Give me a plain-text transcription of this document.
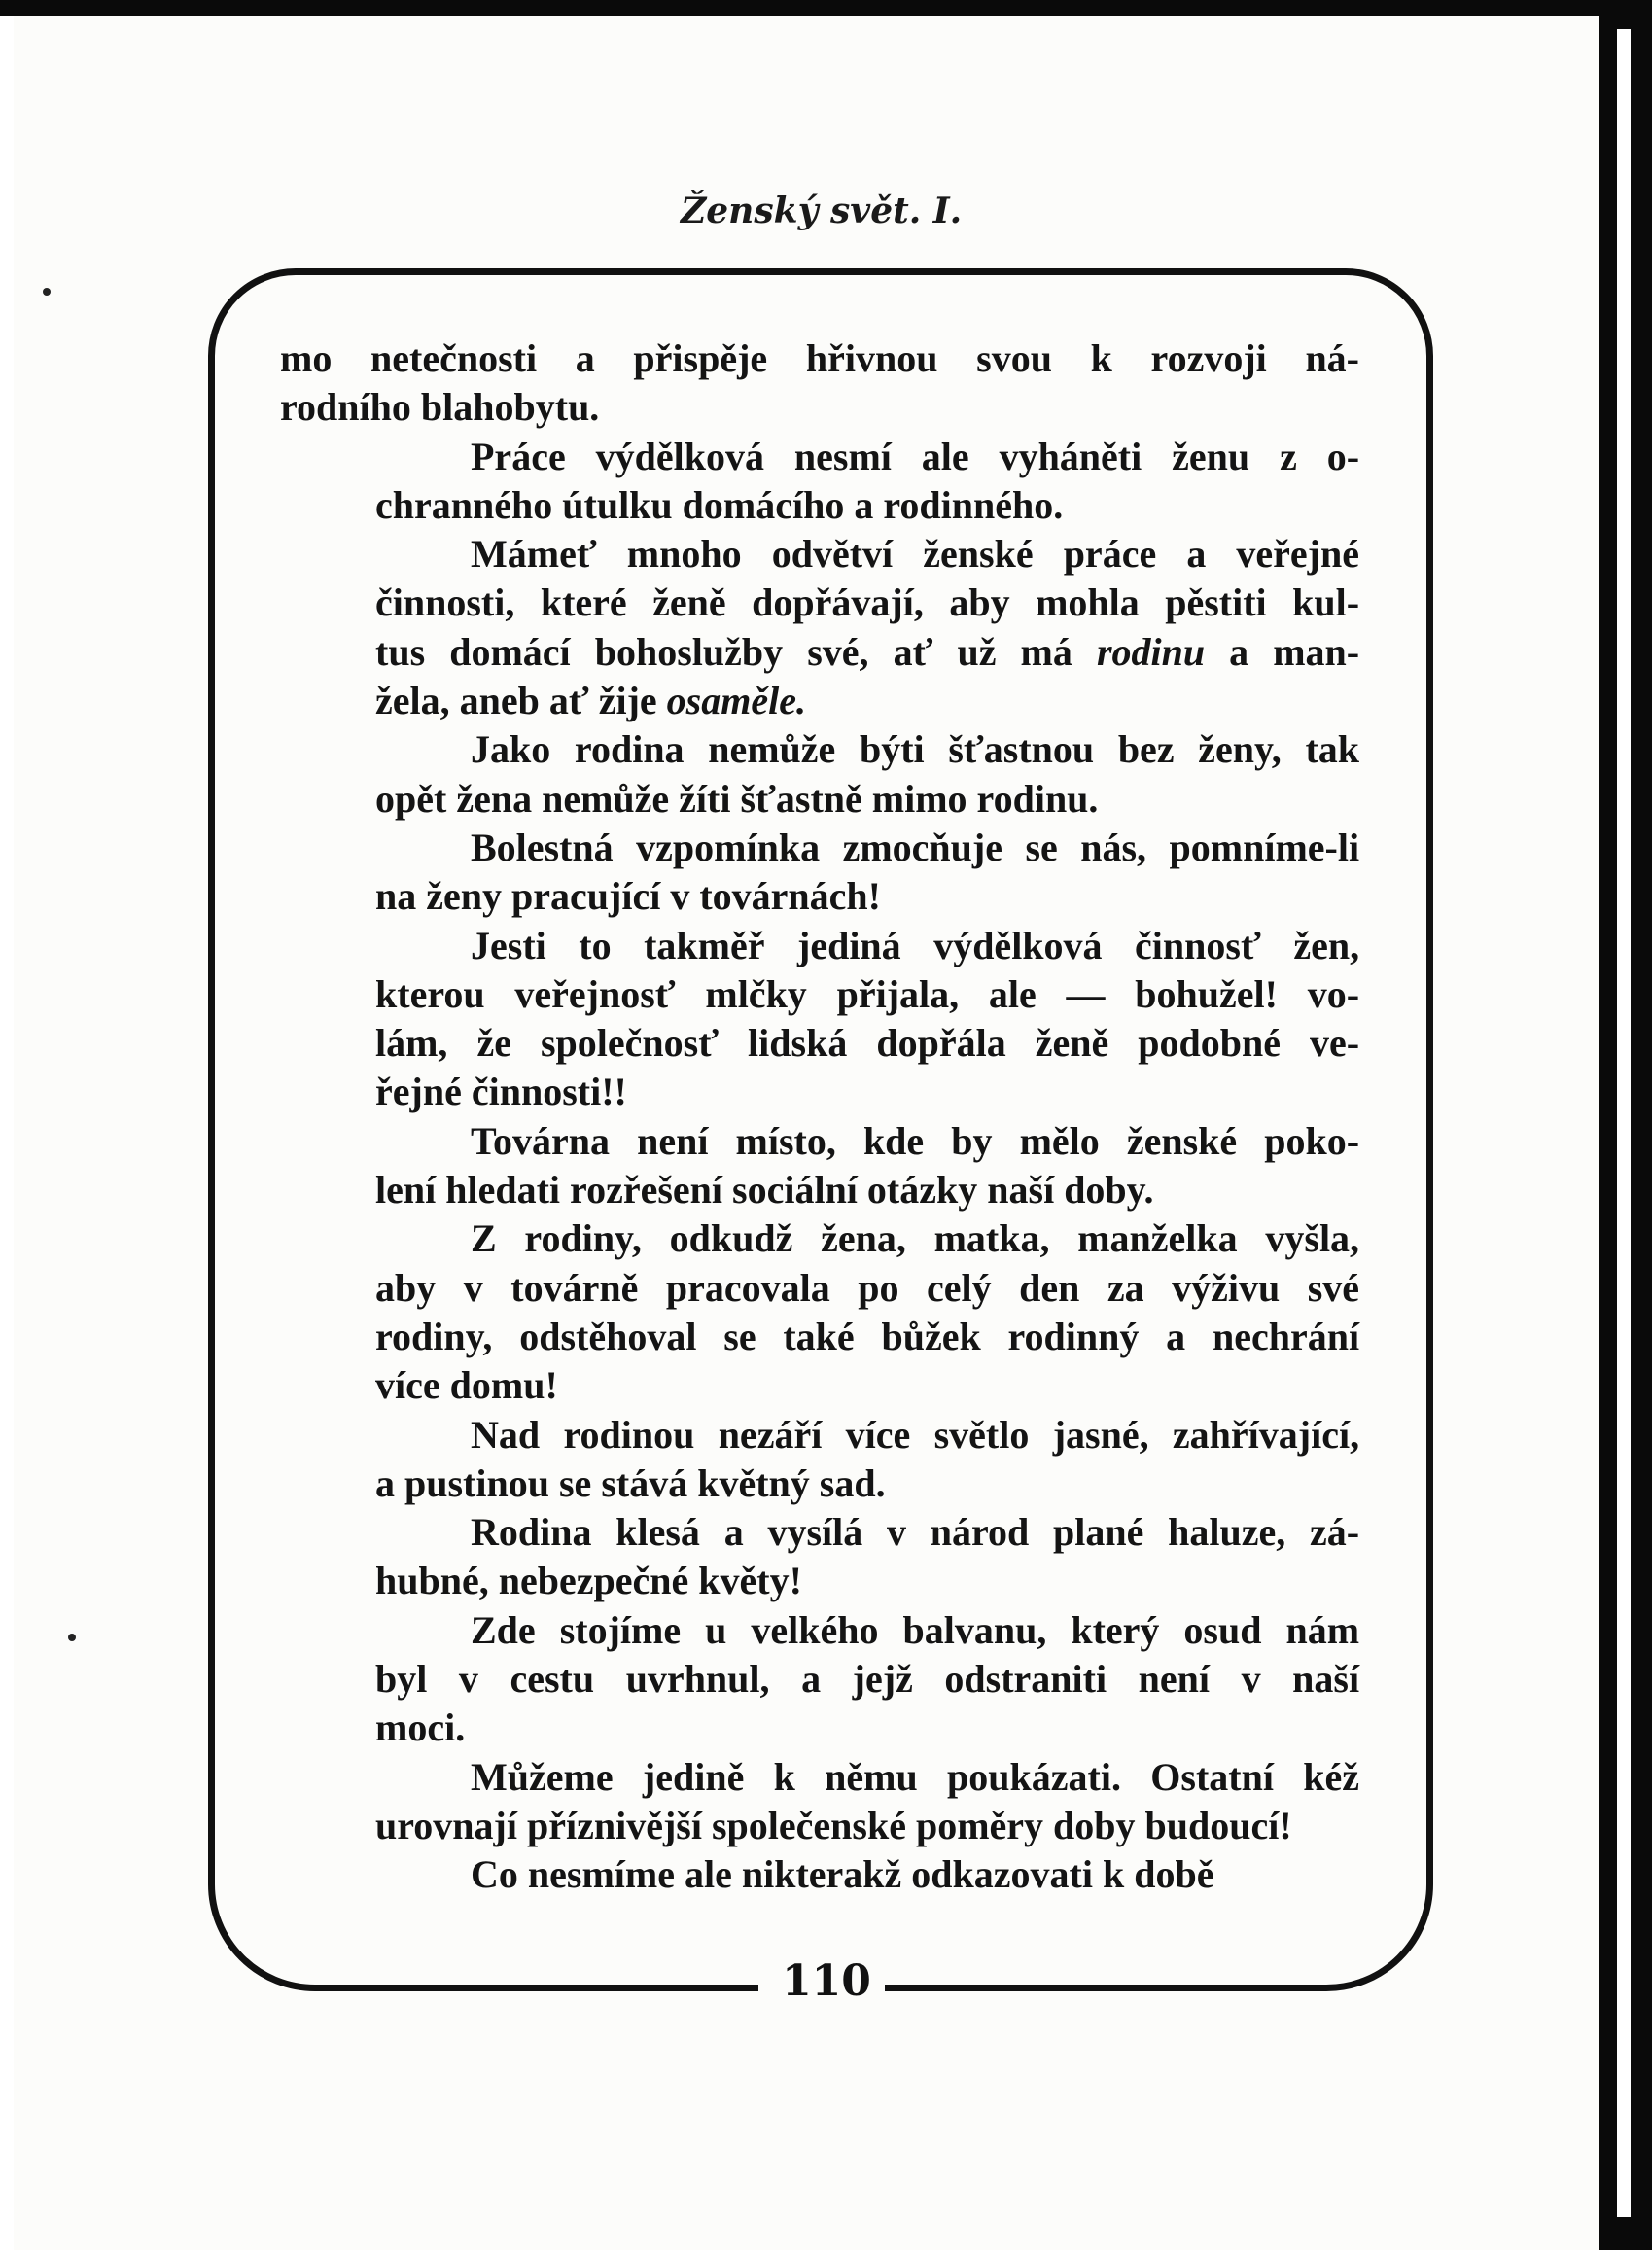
Ženský svět. I.
110
mo netečnosti a přispěje hřivnou svou k rozvoji ná-
rodního blahobytu.
Práce výdělková nesmí ale vyháněti ženu z o-
chranného útulku domácího a rodinného.
Mámeť mnoho odvětví ženské práce a veřejné
činnosti, které ženě dopřávají, aby mohla pěstiti kul-
tus domácí bohoslužby své, ať už má rodinu a man-
žela, aneb ať žije osaměle.
Jako rodina nemůže býti šťastnou bez ženy, tak
opět žena nemůže žíti šťastně mimo rodinu.
Bolestná vzpomínka zmocňuje se nás, pomníme-li
na ženy pracující v továrnách!
Jesti to takměř jediná výdělková činnosť žen,
kterou veřejnosť mlčky přijala, ale — bohužel! vo-
lám, že společnosť lidská dopřála ženě podobné ve-
řejné činnosti!!
Továrna není místo, kde by mělo ženské poko-
lení hledati rozřešení sociální otázky naší doby.
Z rodiny, odkudž žena, matka, manželka vyšla,
aby v továrně pracovala po celý den za výživu své
rodiny, odstěhoval se také bůžek rodinný a nechrání
více domu!
Nad rodinou nezáří více světlo jasné, zahřívající,
a pustinou se stává květný sad.
Rodina klesá a vysílá v národ plané haluze, zá-
hubné, nebezpečné květy!
Zde stojíme u velkého balvanu, který osud nám
byl v cestu uvrhnul, a jejž odstraniti není v naší
moci.
Můžeme jedině k němu poukázati. Ostatní kéž
urovnají příznivější společenské poměry doby budoucí!
Co nesmíme ale nikterakž odkazovati k době
